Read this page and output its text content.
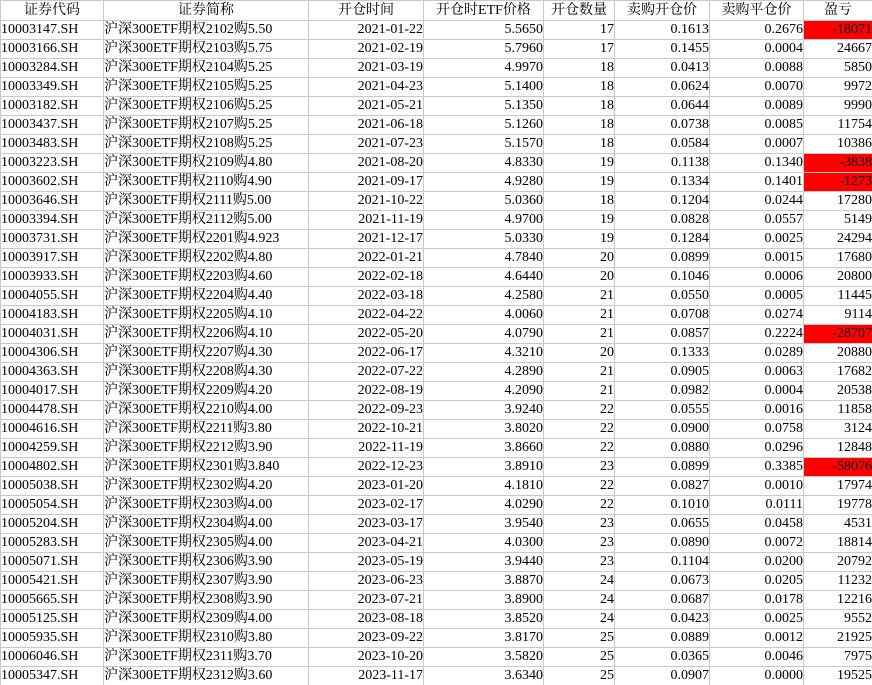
证券代码	证券简称	开仓时间	开仓时ETF价格	开仓数量	卖购开仓价	卖购平仓价	盈亏
10003147.SH	沪深300ETF期权2102购5.50	2021-01-22	5.5650	17	0.1613	0.2676	-18071
10003166.SH	沪深300ETF期权2103购5.75	2021-02-19	5.7960	17	0.1455	0.0004	24667
10003284.SH	沪深300ETF期权2104购5.25	2021-03-19	4.9970	18	0.0413	0.0088	5850
10003349.SH	沪深300ETF期权2105购5.25	2021-04-23	5.1400	18	0.0624	0.0070	9972
10003182.SH	沪深300ETF期权2106购5.25	2021-05-21	5.1350	18	0.0644	0.0089	9990
10003437.SH	沪深300ETF期权2107购5.25	2021-06-18	5.1260	18	0.0738	0.0085	11754
10003483.SH	沪深300ETF期权2108购5.25	2021-07-23	5.1570	18	0.0584	0.0007	10386
10003223.SH	沪深300ETF期权2109购4.80	2021-08-20	4.8330	19	0.1138	0.1340	-3838
10003602.SH	沪深300ETF期权2110购4.90	2021-09-17	4.9280	19	0.1334	0.1401	-1273
10003646.SH	沪深300ETF期权2111购5.00	2021-10-22	5.0360	18	0.1204	0.0244	17280
10003394.SH	沪深300ETF期权2112购5.00	2021-11-19	4.9700	19	0.0828	0.0557	5149
10003731.SH	沪深300ETF期权2201购4.923	2021-12-17	5.0330	19	0.1284	0.0025	24294
10003917.SH	沪深300ETF期权2202购4.80	2022-01-21	4.7840	20	0.0899	0.0015	17680
10003933.SH	沪深300ETF期权2203购4.60	2022-02-18	4.6440	20	0.1046	0.0006	20800
10004055.SH	沪深300ETF期权2204购4.40	2022-03-18	4.2580	21	0.0550	0.0005	11445
10004183.SH	沪深300ETF期权2205购4.10	2022-04-22	4.0060	21	0.0708	0.0274	9114
10004031.SH	沪深300ETF期权2206购4.10	2022-05-20	4.0790	21	0.0857	0.2224	-28707
10004306.SH	沪深300ETF期权2207购4.30	2022-06-17	4.3210	20	0.1333	0.0289	20880
10004363.SH	沪深300ETF期权2208购4.30	2022-07-22	4.2890	21	0.0905	0.0063	17682
10004017.SH	沪深300ETF期权2209购4.20	2022-08-19	4.2090	21	0.0982	0.0004	20538
10004478.SH	沪深300ETF期权2210购4.00	2022-09-23	3.9240	22	0.0555	0.0016	11858
10004616.SH	沪深300ETF期权2211购3.80	2022-10-21	3.8020	22	0.0900	0.0758	3124
10004259.SH	沪深300ETF期权2212购3.90	2022-11-19	3.8660	22	0.0880	0.0296	12848
10004802.SH	沪深300ETF期权2301购3.840	2022-12-23	3.8910	23	0.0899	0.3385	-58076
10005038.SH	沪深300ETF期权2302购4.20	2023-01-20	4.1810	22	0.0827	0.0010	17974
10005054.SH	沪深300ETF期权2303购4.00	2023-02-17	4.0290	22	0.1010	0.0111	19778
10005204.SH	沪深300ETF期权2304购4.00	2023-03-17	3.9540	23	0.0655	0.0458	4531
10005283.SH	沪深300ETF期权2305购4.00	2023-04-21	4.0300	23	0.0890	0.0072	18814
10005071.SH	沪深300ETF期权2306购3.90	2023-05-19	3.9440	23	0.1104	0.0200	20792
10005421.SH	沪深300ETF期权2307购3.90	2023-06-23	3.8870	24	0.0673	0.0205	11232
10005665.SH	沪深300ETF期权2308购3.90	2023-07-21	3.8900	24	0.0687	0.0178	12216
10005125.SH	沪深300ETF期权2309购4.00	2023-08-18	3.8520	24	0.0423	0.0025	9552
10005935.SH	沪深300ETF期权2310购3.80	2023-09-22	3.8170	25	0.0889	0.0012	21925
10006046.SH	沪深300ETF期权2311购3.70	2023-10-20	3.5820	25	0.0365	0.0046	7975
10005347.SH	沪深300ETF期权2312购3.60	2023-11-17	3.6340	25	0.0907	0.0000	19525
